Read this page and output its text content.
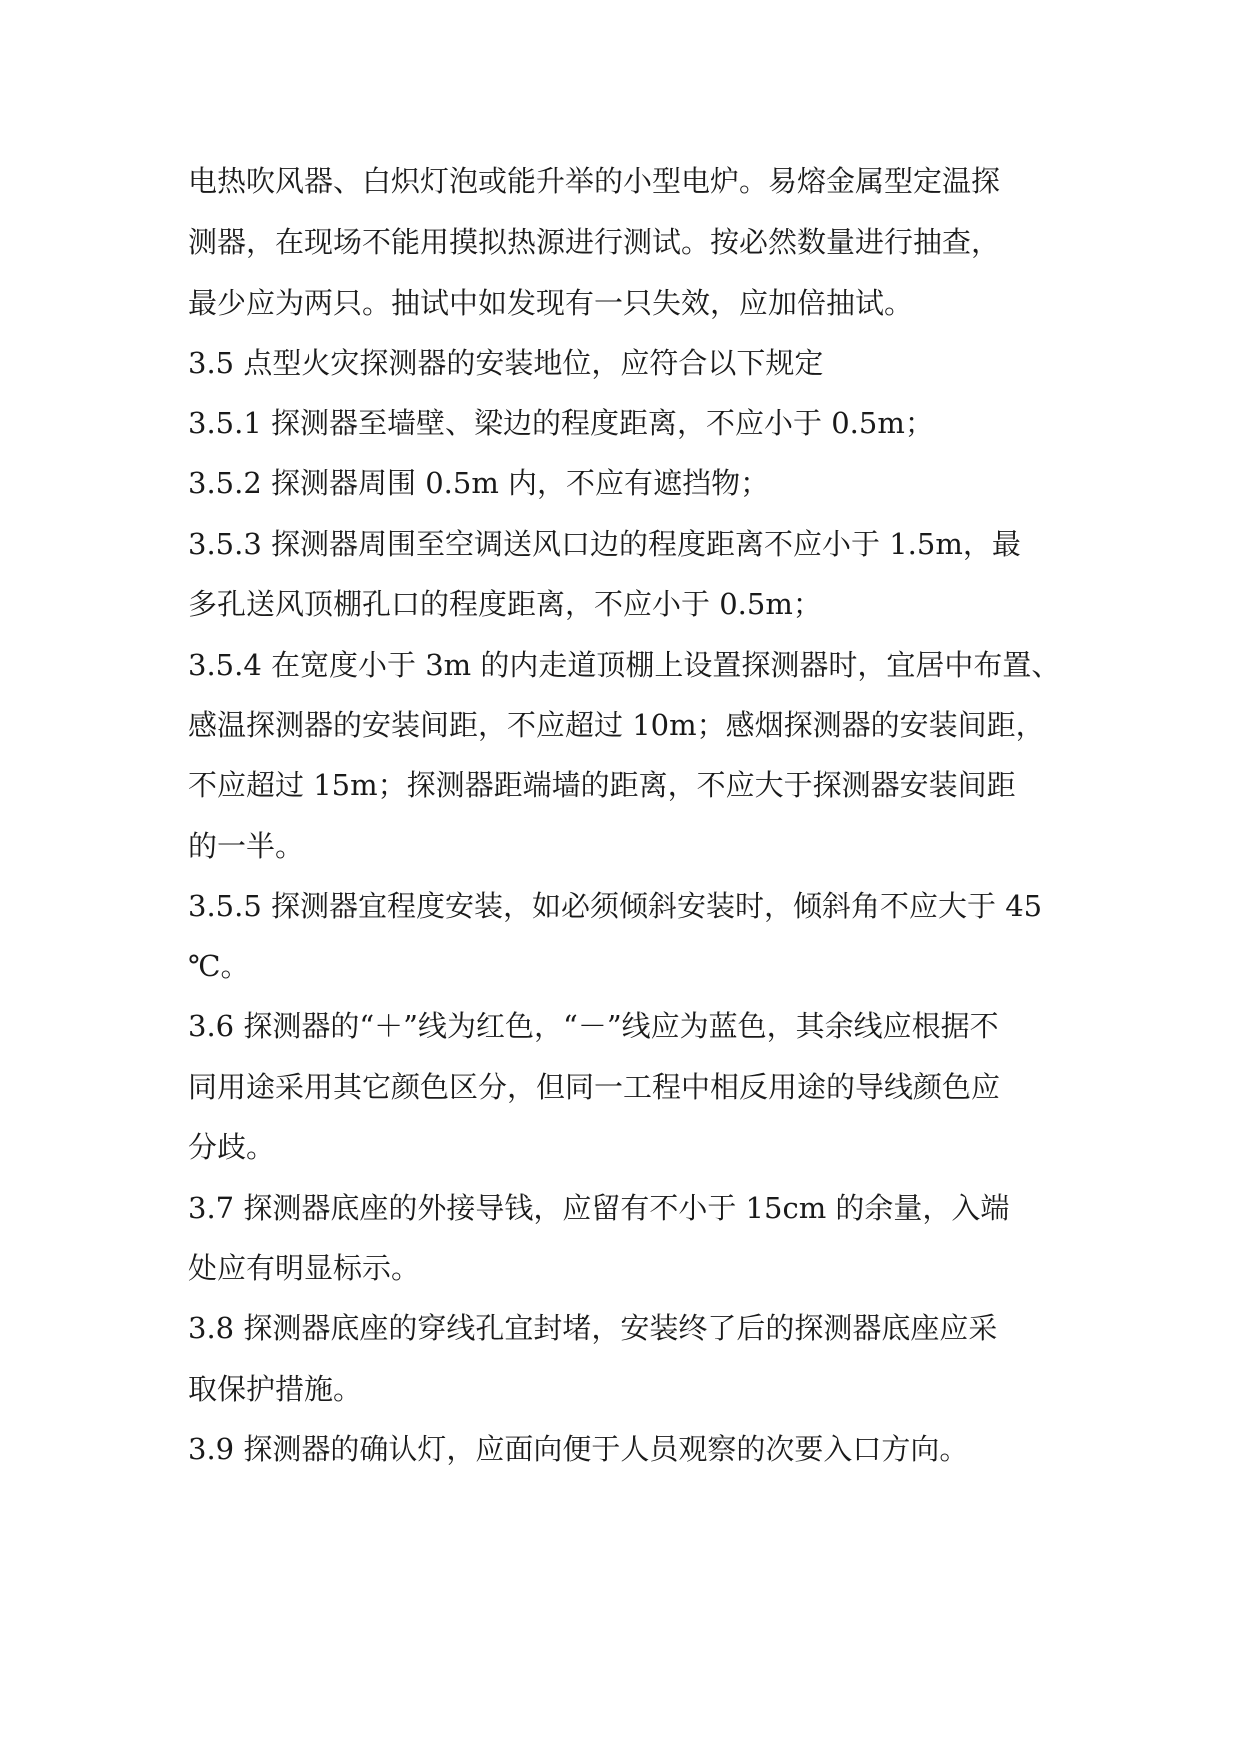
电热吹风器、白炽灯泡或能升举的小型电炉。易熔金属型定温探

测器，在现场不能用摸拟热源进行测试。按必然数量进行抽查，

最少应为两只。抽试中如发现有一只失效，应加倍抽试。

3.5 点型火灾探测器的安装地位，应符合以下规定

3.5.1 探测器至墙壁、梁边的程度距离，不应小于 0.5m；

3.5.2 探测器周围 0.5m 内，不应有遮挡物；

3.5.3 探测器周围至空调送风口边的程度距离不应小于 1.5m，最

多孔送风顶棚孔口的程度距离，不应小于 0.5m；

3.5.4 在宽度小于 3m 的内走道顶棚上设置探测器时，宜居中布置、

感温探测器的安装间距，不应超过 10m；感烟探测器的安装间距，

不应超过 15m；探测器距端墙的距离，不应大于探测器安装间距

的一半。

3.5.5 探测器宜程度安装，如必须倾斜安装时，倾斜角不应大于 45

℃。

3.6 探测器的“＋”线为红色，“－”线应为蓝色，其余线应根据不

同用途采用其它颜色区分，但同一工程中相反用途的导线颜色应

分歧。

3.7 探测器底座的外接导钱，应留有不小于 15cm 的余量，入端

处应有明显标示。

3.8 探测器底座的穿线孔宜封堵，安装终了后的探测器底座应采

取保护措施。

3.9 探测器的确认灯，应面向便于人员观察的次要入口方向。
